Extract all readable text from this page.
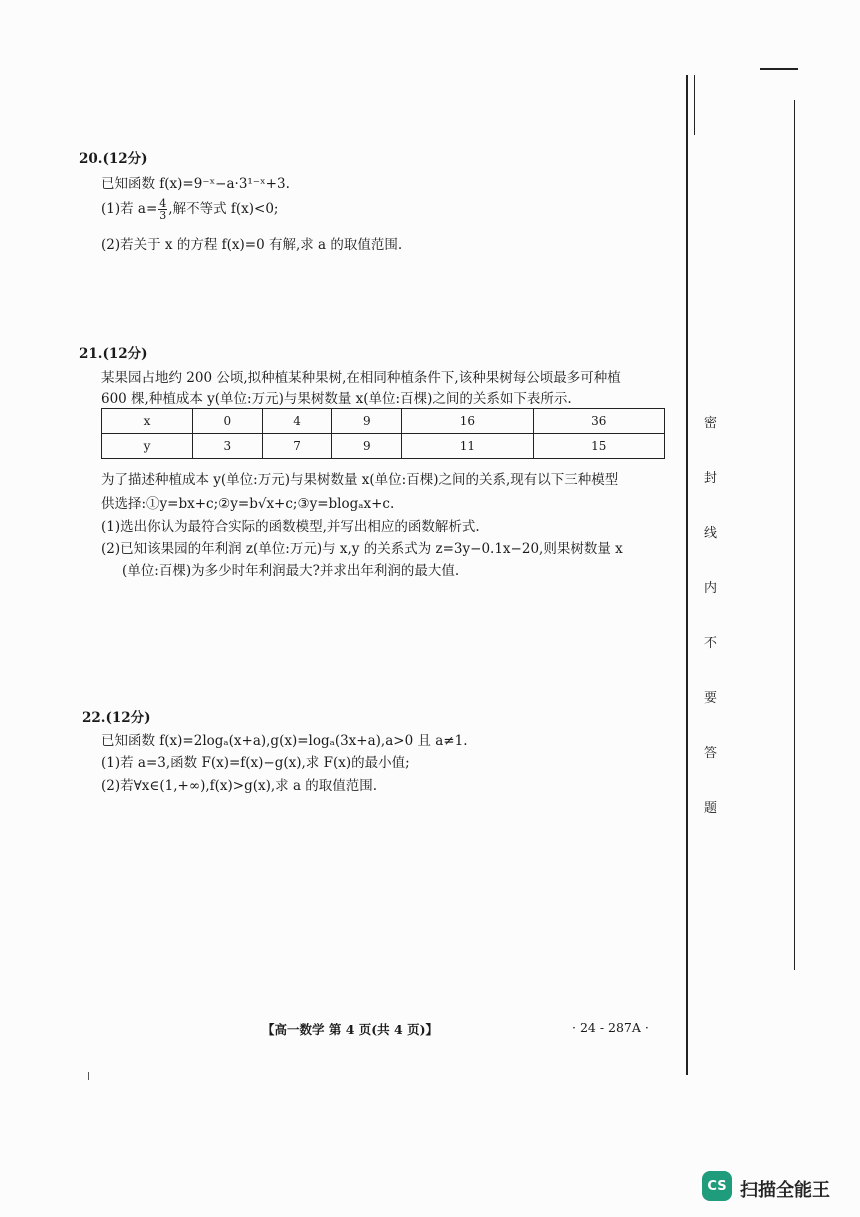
20.(12分)
已知函数 f(x)=9⁻ˣ−a·3¹⁻ˣ+3.
(1)若 $a= \frac{4}{3}$ ,解不等式 f(x)<0;
(2)若关于 x 的方程 f(x)=0 有解,求 a 的取值范围.
21.(12分)
某果园占地约 200 公顷,拟种植某种果树,在相同种植条件下,该种果树每公顷最多可种植
600 棵,种植成本 y(单位:万元)与果树数量 x(单位:百棵)之间的关系如下表所示.
x	0	4	9	16	36
y	3	7	9	11	15
为了描述种植成本 y(单位:万元)与果树数量 x(单位:百棵)之间的关系,现有以下三种模型
供选择:①y=bx+c;②y=b√x+c;③y=blogₐx+c.
(1)选出你认为最符合实际的函数模型,并写出相应的函数解析式.
(2)已知该果园的年利润 z(单位:万元)与 x,y 的关系式为 z=3y−0.1x−20,则果树数量 x
(单位:百棵)为多少时年利润最大?并求出年利润的最大值.
22.(12分)
已知函数 f(x)=2logₐ(x+a),g(x)=logₐ(3x+a),a>0 且 a≠1.
(1)若 a=3,函数 F(x)=f(x)−g(x),求 F(x)的最小值;
(2)若∀x∈(1,+∞),f(x)>g(x),求 a 的取值范围.
密
封
线
内
不
要
答
题
【高一数学 第 4 页(共 4 页)】	· 24 - 287A ·
CS 扫描全能王
